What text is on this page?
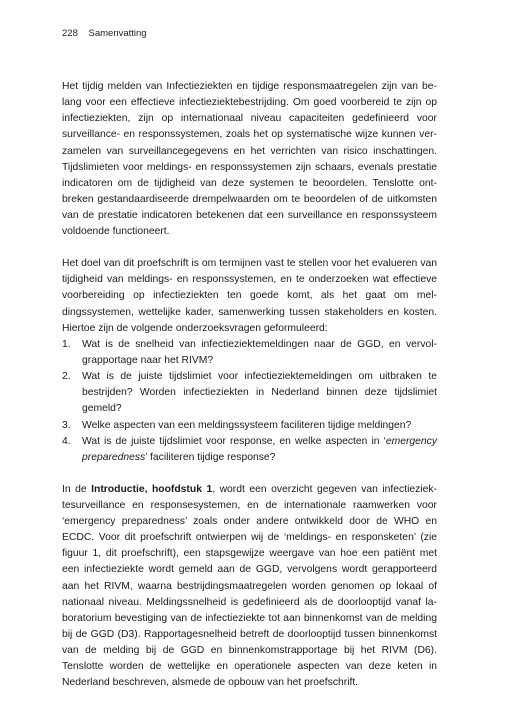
228 Samenvatting

Het tijdig melden van Infectieziekten en tijdige responsmaatregelen zijn van belang voor een effectieve infectieziektebestrijding. Om goed voorbereid te zijn op infectieziekten, zijn op internationaal niveau capaciteiten gedefinieerd voor surveillance- en responssystemen, zoals het op systematische wijze kunnen verzamelen van surveillancegegevens en het verrichten van risico inschattingen. Tijdslimieten voor meldings- en responssystemen zijn schaars, evenals prestatie indicatoren om de tijdigheid van deze systemen te beoordelen. Tenslotte ontbreken gestandaardiseerde drempelwaarden om te beoordelen of de uitkomsten van de prestatie indicatoren betekenen dat een surveillance en responssysteem voldoende functioneert.

Het doel van dit proefschrift is om termijnen vast te stellen voor het evalueren van tijdigheid van meldings- en responssystemen, en te onderzoeken wat effectieve voorbereiding op infectieziekten ten goede komt, als het gaat om meldingssystemen, wettelijke kader, samenwerking tussen stakeholders en kosten. Hiertoe zijn de volgende onderzoeksvragen geformuleerd:

1. Wat is de snelheid van infectieziektemeldingen naar de GGD, en vervolgrapportage naar het RIVM?
2. Wat is de juiste tijdslimiet voor infectieziektemeldingen om uitbraken te bestrijden? Worden infectieziekten in Nederland binnen deze tijdslimiet gemeld?
3. Welke aspecten van een meldingssysteem faciliteren tijdige meldingen?
4. Wat is de juiste tijdslimiet voor response, en welke aspecten in ‘emergency preparedness’ faciliteren tijdige response?

In de Introductie, hoofdstuk 1, wordt een overzicht gegeven van infectieziektesurveillance en responsesystemen, en de internationale raamwerken voor ‘emergency preparedness’ zoals onder andere ontwikkeld door de WHO en ECDC. Voor dit proefschrift ontwierpen wij de ‘meldings- en responsketen’ (zie figuur 1, dit proefschrift), een stapsgewijze weergave van hoe een patiënt met een infectieziekte wordt gemeld aan de GGD, vervolgens wordt gerapporteerd aan het RIVM, waarna bestrijdingsmaatregelen worden genomen op lokaal of nationaal niveau. Meldingssnelheid is gedefinieerd als de doorlooptijd vanaf laboratorium bevestiging van de infectieziekte tot aan binnenkomst van de melding bij de GGD (D3). Rapportagesnelheid betreft de doorlooptijd tussen binnenkomst van de melding bij de GGD en binnenkomstrapportage bij het RIVM (D6). Tenslotte worden de wettelijke en operationele aspecten van deze keten in Nederland beschreven, alsmede de opbouw van het proefschrift.
